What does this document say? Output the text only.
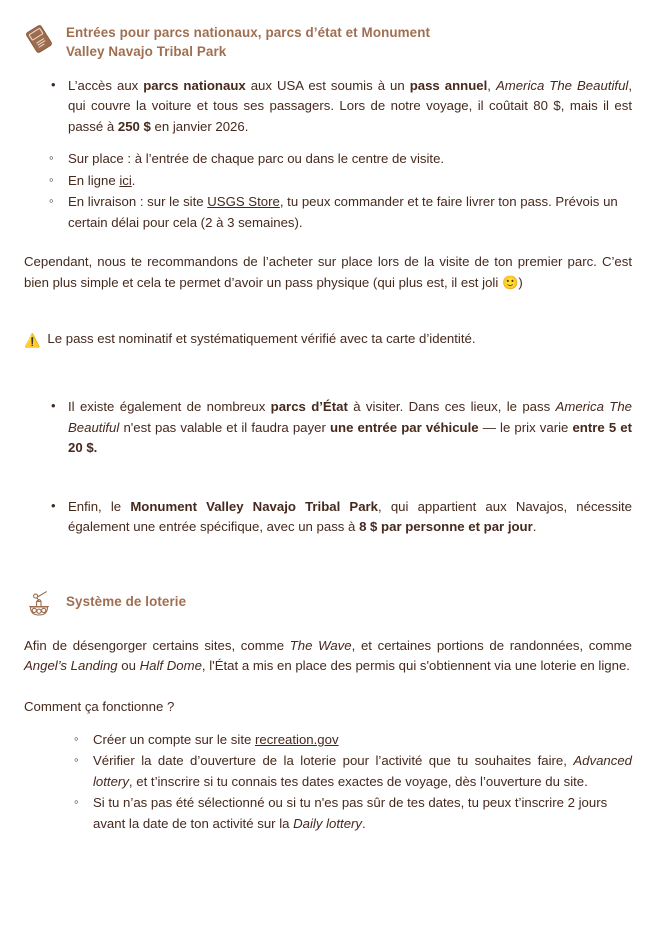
Entrées pour parcs nationaux, parcs d’état et Monument
Valley Navajo Tribal Park
• L’accès aux parcs nationaux aux USA est soumis à un pass annuel, America The Beautiful, qui couvre la voiture et tous ses passagers. Lors de notre voyage, il coûtait 80 $, mais il est passé à 250 $ en janvier 2026.
◦ Sur place : à l’entrée de chaque parc ou dans le centre de visite.
◦ En ligne ici.
◦ En livraison : sur le site USGS Store, tu peux commander et te faire livrer ton pass. Prévois un certain délai pour cela (2 à 3 semaines).

Cependant, nous te recommandons de l’acheter sur place lors de la visite de ton premier parc. C’est bien plus simple et cela te permet d’avoir un pass physique (qui plus est, il est joli 🙂)

⚠️ Le pass est nominatif et systématiquement vérifié avec ta carte d’identité.
• Il existe également de nombreux parcs d’État à visiter. Dans ces lieux, le pass America The Beautiful n'est pas valable et il faudra payer une entrée par véhicule — le prix varie entre 5 et 20 $.
• Enfin, le Monument Valley Navajo Tribal Park, qui appartient aux Navajos, nécessite également une entrée spécifique, avec un pass à 8 $ par personne et par jour.
Système de loterie

Afin de désengorger certains sites, comme The Wave, et certaines portions de randonnées, comme Angel’s Landing ou Half Dome, l'État a mis en place des permis qui s'obtiennent via une loterie en ligne.

Comment ça fonctionne ?

◦ Créer un compte sur le site recreation.gov
◦ Vérifier la date d’ouverture de la loterie pour l’activité que tu souhaites faire, Advanced lottery, et t’inscrire si tu connais tes dates exactes de voyage, dès l’ouverture du site.
◦ Si tu n’as pas été sélectionné ou si tu n'es pas sûr de tes dates, tu peux t’inscrire 2 jours avant la date de ton activité sur la Daily lottery.
